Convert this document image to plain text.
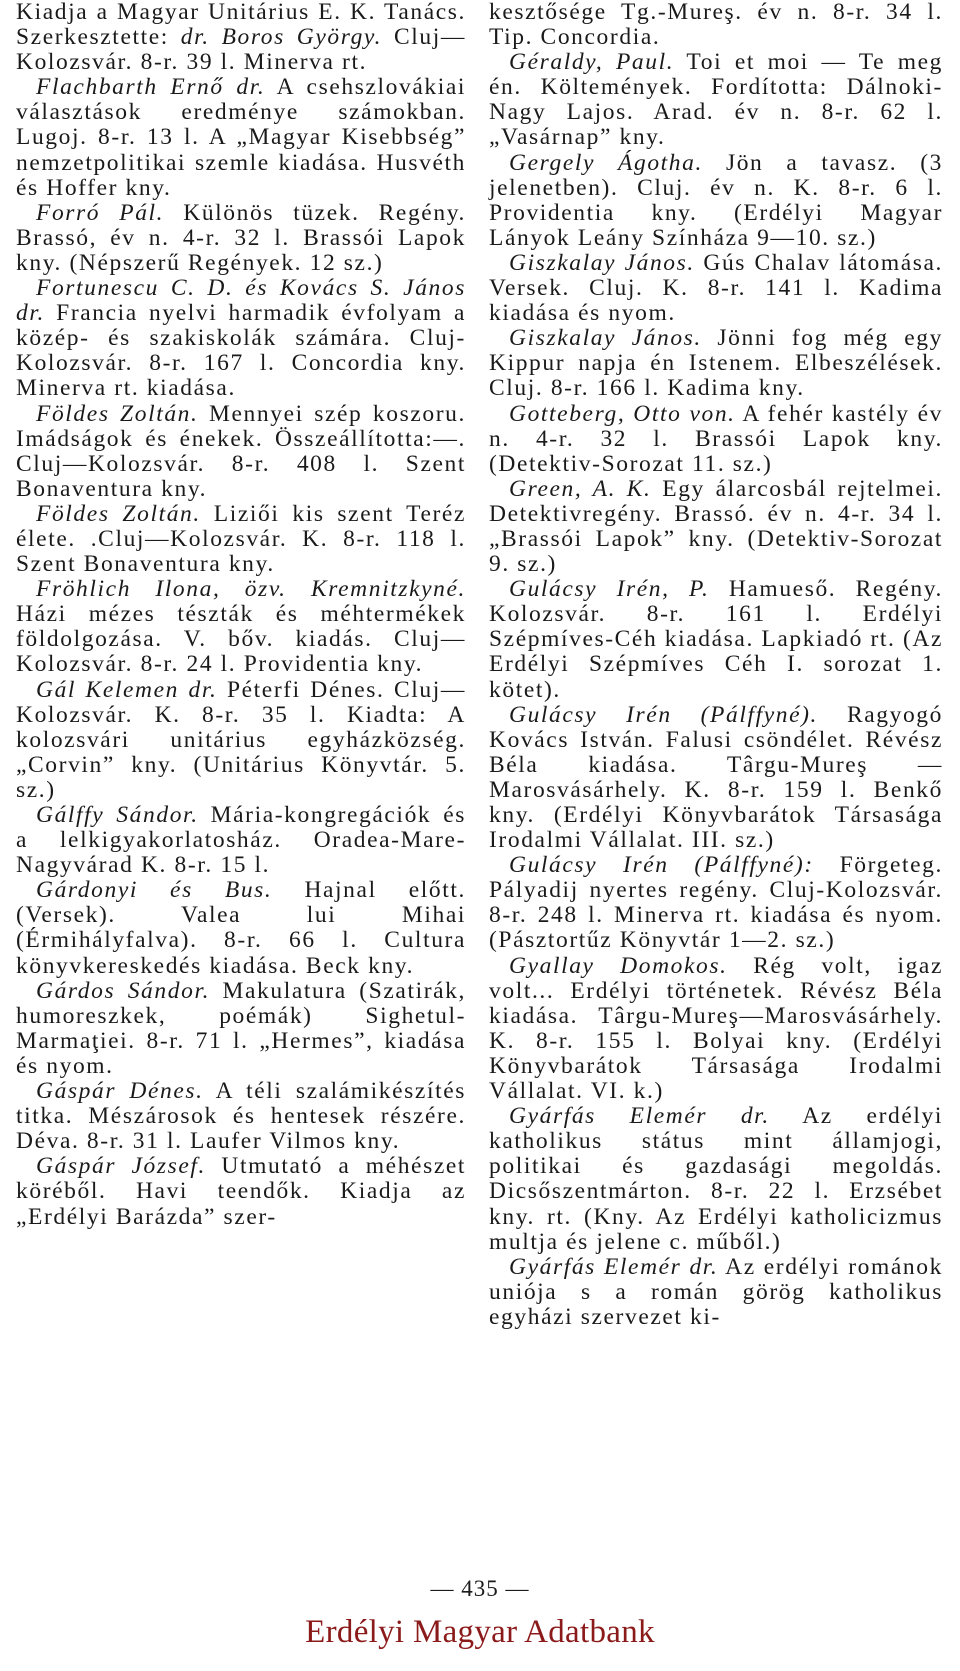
Kiadja a Magyar Unitárius E. K. Tanács. Szerkesztette: dr. Boros György. Cluj—Kolozsvár. 8-r. 39 l. Minerva rt.

Flachbarth Ernő dr. A csehszlovákiai választások eredménye számokban. Lugoj. 8-r. 13 l. A „Magyar Kisebbség” nemzetpolitikai szemle kiadása. Husvéth és Hoffer kny.

Forró Pál. Különös tüzek. Regény. Brassó, év n. 4-r. 32 l. Brassói Lapok kny. (Népszerű Regények. 12 sz.)

Fortunescu C. D. és Kovács S. János dr. Francia nyelvi harmadik évfolyam a közép- és szakiskolák számára. Cluj-Kolozsvár. 8-r. 167 l. Concordia kny. Minerva rt. kiadása.

Földes Zoltán. Mennyei szép koszoru. Imádságok és énekek. Összeállította:—. Cluj—Kolozsvár. 8-r. 408 l. Szent Bonaventura kny.

Földes Zoltán. Liziői kis szent Teréz élete. .Cluj—Kolozsvár. K. 8-r. 118 l. Szent Bonaventura kny.

Fröhlich Ilona, özv. Kremnitzkyné. Házi mézes tészták és méhtermékek földolgozása. V. bőv. kiadás. Cluj—Kolozsvár. 8-r. 24 l. Providentia kny.

Gál Kelemen dr. Péterfi Dénes. Cluj—Kolozsvár. K. 8-r. 35 l. Kiadta: A kolozsvári unitárius egyházközség. „Corvin” kny. (Unitárius Könyvtár. 5. sz.)

Gálffy Sándor. Mária-kongregációk és a lelkigyakorlatosház. Oradea-Mare-Nagyvárad K. 8-r. 15 l.

Gárdonyi és Bus. Hajnal előtt. (Versek). Valea lui Mihai (Érmihályfalva). 8-r. 66 l. Cultura könyvkereskedés kiadása. Beck kny.

Gárdos Sándor. Makulatura (Szatirák, humoreszkek, poémák) Sighetul-Marmaţiei. 8-r. 71 l. „Hermes”, kiadása és nyom.

Gáspár Dénes. A téli szalámikészítés titka. Mészárosok és hentesek részére. Déva. 8-r. 31 l. Laufer Vilmos kny.

Gáspár József. Utmutató a méhészet köréből. Havi teendők. Kiadja az „Erdélyi Barázda” szer-

kesztősége Tg.-Mureş. év n. 8-r. 34 l. Tip. Concordia.

Géraldy, Paul. Toi et moi — Te meg én. Költemények. Fordította: Dálnoki-Nagy Lajos. Arad. év n. 8-r. 62 l. „Vasárnap” kny.

Gergely Ágotha. Jön a tavasz. (3 jelenetben). Cluj. év n. K. 8-r. 6 l. Providentia kny. (Erdélyi Magyar Lányok Leány Színháza 9—10. sz.)

Giszkalay János. Gús Chalav látomása. Versek. Cluj. K. 8-r. 141 l. Kadima kiadása és nyom.

Giszkalay János. Jönni fog még egy Kippur napja én Istenem. Elbeszélések. Cluj. 8-r. 166 l. Kadima kny.

Gotteberg, Otto von. A fehér kastély év n. 4-r. 32 l. Brassói Lapok kny. (Detektiv-Sorozat 11. sz.)

Green, A. K. Egy álarcosbál rejtelmei. Detektivregény. Brassó. év n. 4-r. 34 l. „Brassói Lapok” kny. (Detektiv-Sorozat 9. sz.)

Gulácsy Irén, P. Hamueső. Regény. Kolozsvár. 8-r. 161 l. Erdélyi Szépmíves-Céh kiadása. Lapkiadó rt. (Az Erdélyi Szépmíves Céh I. sorozat 1. kötet).

Gulácsy Irén (Pálffyné). Ragyogó Kovács István. Falusi csöndélet. Révész Béla kiadása. Târgu-Mureş — Marosvásárhely. K. 8-r. 159 l. Benkő kny. (Erdélyi Könyvbarátok Társasága Irodalmi Vállalat. III. sz.)

Gulácsy Irén (Pálffyné): Förgeteg. Pályadij nyertes regény. Cluj-Kolozsvár. 8-r. 248 l. Minerva rt. kiadása és nyom. (Pásztortűz Könyvtár 1—2. sz.)

Gyallay Domokos. Rég volt, igaz volt... Erdélyi történetek. Révész Béla kiadása. Târgu-Mureş—Marosvásárhely. K. 8-r. 155 l. Bolyai kny. (Erdélyi Könyvbarátok Társasága Irodalmi Vállalat. VI. k.)

Gyárfás Elemér dr. Az erdélyi katholikus státus mint államjogi, politikai és gazdasági megoldás. Dicsőszentmárton. 8-r. 22 l. Erzsébet kny. rt. (Kny. Az Erdélyi katholicizmus multja és jelene c. műből.)

Gyárfás Elemér dr. Az erdélyi románok uniója s a román görög katholikus egyházi szervezet ki-

— 435 —
Erdélyi Magyar Adatbank
